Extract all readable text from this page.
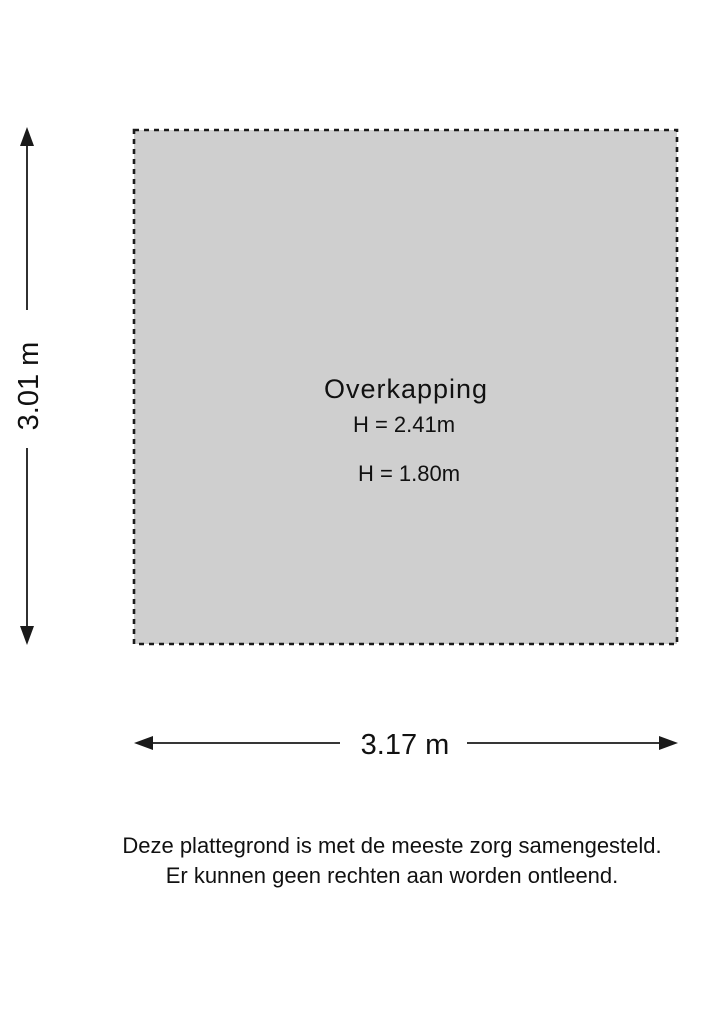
Overkapping
H = 2.41m
H = 1.80m
3.01 m
3.17 m
Deze plattegrond is met de meeste zorg samengesteld.
Er kunnen geen rechten aan worden ontleend.
